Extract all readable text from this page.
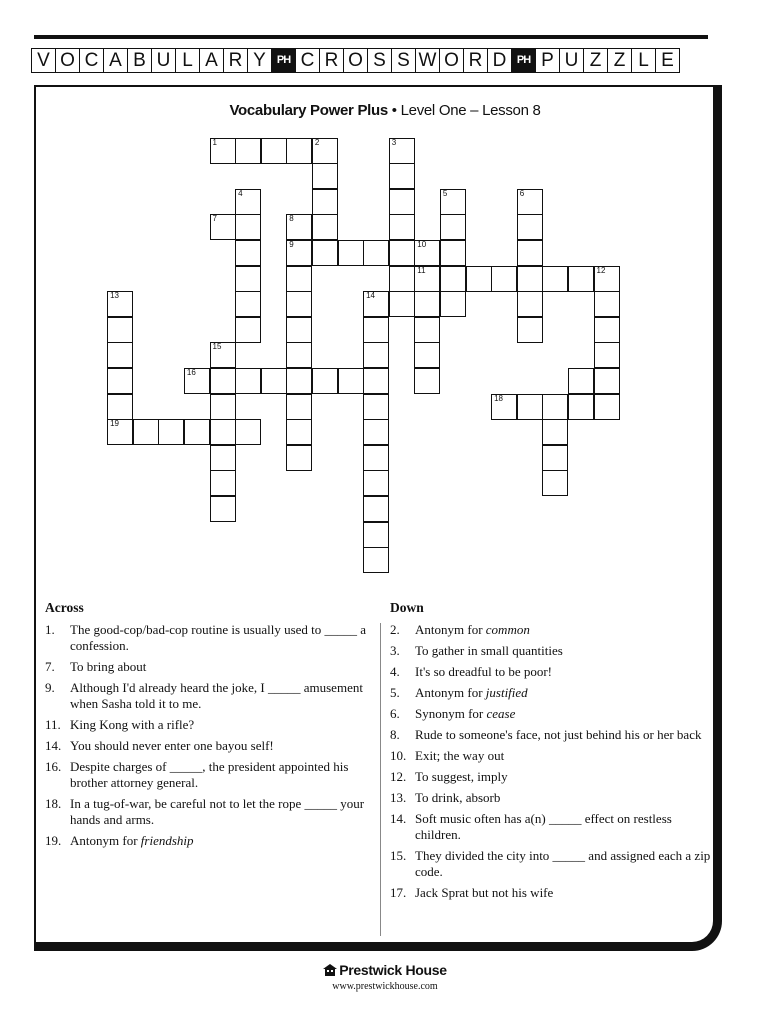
V O C A B U L A R Y	PH C R O S S W O R D PH P U Z Z L E
Vocabulary Power Plus • Level One – Lesson 8
1	2	3
4	5	6
7	8
9	10
11	12
13	14
15
16
18
19
Across
1.	The good-cop/bad-cop routine is usually used to _____ a confession.
7.	To bring about
9.	Although I'd already heard the joke, I _____ amusement when Sasha told it to me.
11. King Kong with a rifle?
14. You should never enter one bayou self!
16. Despite charges of _____, the president appointed his brother attorney general.
18. In a tug-of-war, be careful not to let the rope _____ your hands and arms.
19. Antonym for friendship
Down
2.	Antonym for common
3.	To gather in small quantities
4.	It's so dreadful to be poor!
5.	Antonym for justified
6.	Synonym for cease
8.	Rude to someone's face, not just behind his or her back
10. Exit; the way out
12. To suggest, imply
13. To drink, absorb
14. Soft music often has a(n) _____ effect on restless children.
15. They divided the city into _____ and assigned each a zip code.
17. Jack Sprat but not his wife
Prestwick House
www.prestwickhouse.com
